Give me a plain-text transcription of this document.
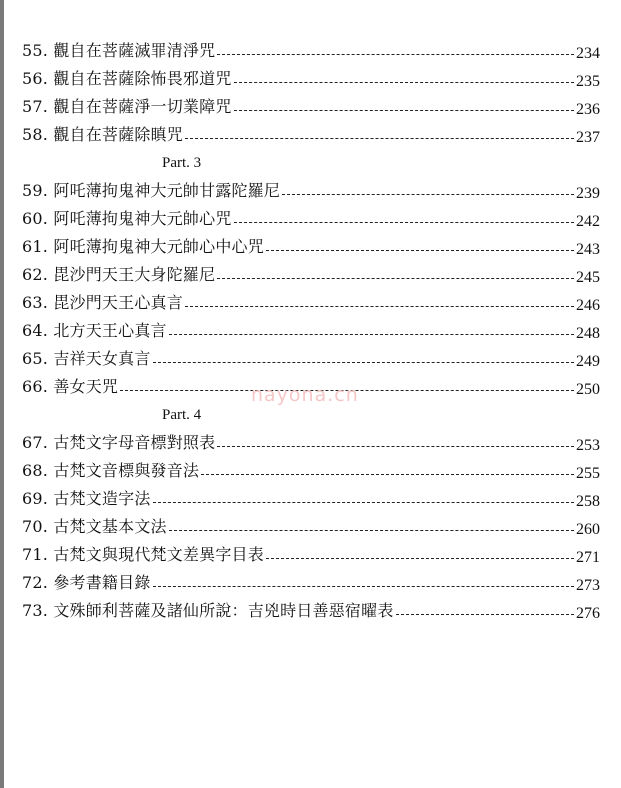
55. 觀自在菩薩滅罪清淨咒	234
56. 觀自在菩薩除怖畏邪道咒	235
57. 觀自在菩薩淨一切業障咒	236
58. 觀自在菩薩除瞋咒	237
Part. 3
59. 阿吒薄拘鬼神大元帥甘露陀羅尼	239
60. 阿吒薄拘鬼神大元帥心咒	242
61. 阿吒薄拘鬼神大元帥心中心咒	243
62. 毘沙門天王大身陀羅尼	245
63. 毘沙門天王心真言	246
64. 北方天王心真言	248
65. 吉祥天女真言	249
66. 善女天咒	250
Part. 4
67. 古梵文字母音標對照表	253
68. 古梵文音標與發音法	255
69. 古梵文造字法	258
70. 古梵文基本文法	260
71. 古梵文與現代梵文差異字目表	271
72. 參考書籍目錄	273
73. 文殊師利菩薩及諸仙所說：吉兇時日善惡宿曜表	276
nayona.cn
